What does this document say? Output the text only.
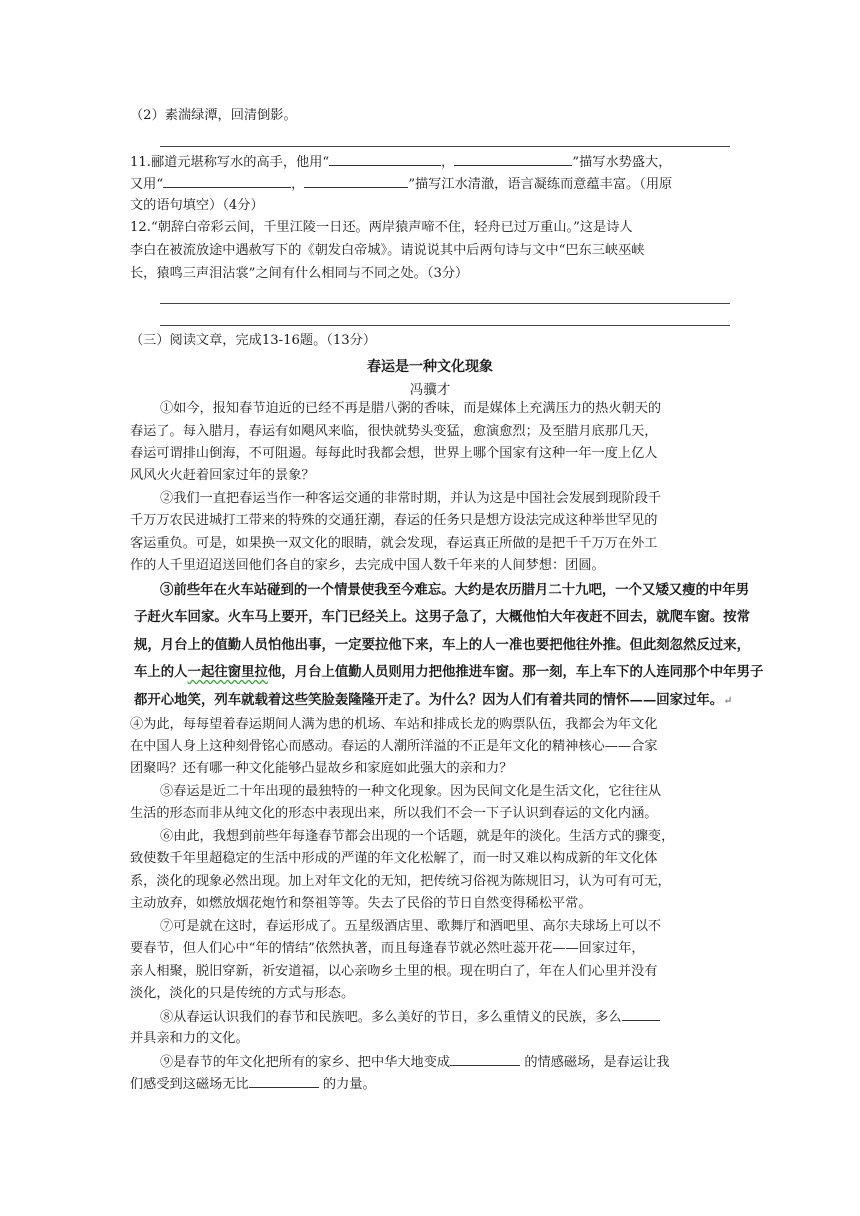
（2）素湍绿潭，回清倒影。
11.郦道元堪称写水的高手，他用“	，	”描写水势盛大，
又用“	，	”描写江水清澈，语言凝练而意蕴丰富。（用原
文的语句填空）（4分）
12.“朝辞白帝彩云间，千里江陵一日还。两岸猿声啼不住，轻舟已过万重山。”这是诗人
李白在被流放途中遇赦写下的《朝发白帝城》。请说说其中后两句诗与文中“巴东三峡巫峡
长，猿鸣三声泪沾裳”之间有什么相同与不同之处。（3分）
（三）阅读文章，完成13-16题。（13分）
春运是一种文化现象
冯骥才
①如今，报知春节迫近的已经不再是腊八粥的香味，而是媒体上充满压力的热火朝天的
春运了。每入腊月，春运有如飓风来临，很快就势头变猛，愈演愈烈；及至腊月底那几天，
春运可谓排山倒海，不可阻遏。每每此时我都会想，世界上哪个国家有这种一年一度上亿人
风风火火赶着回家过年的景象？
②我们一直把春运当作一种客运交通的非常时期，并认为这是中国社会发展到现阶段千
千万万农民进城打工带来的特殊的交通狂潮，春运的任务只是想方设法完成这种举世罕见的
客运重负。可是，如果换一双文化的眼睛，就会发现，春运真正所做的是把千千万万在外工
作的人千里迢迢送回他们各自的家乡，去完成中国人数千年来的人间梦想：团圆。
③前些年在火车站碰到的一个情景使我至今难忘。大约是农历腊月二十九吧，一个又矮又瘦的中年男
子赶火车回家。火车马上要开，车门已经关上。这男子急了，大概他怕大年夜赶不回去，就爬车窗。按常
规，月台上的值勤人员怕他出事，一定要拉他下来，车上的人一准也要把他往外推。但此刻忽然反过来，
车上的人一起往窗里拉他，月台上值勤人员则用力把他推进车窗。那一刻，车上车下的人连同那个中年男子
都开心地笑，列车就载着这些笑脸轰隆隆开走了。为什么？因为人们有着共同的情怀——回家过年。↵
④为此，每每望着春运期间人满为患的机场、车站和排成长龙的购票队伍，我都会为年文化
在中国人身上这种刻骨铭心而感动。春运的人潮所洋溢的不正是年文化的精神核心——合家
团聚吗？还有哪一种文化能够凸显故乡和家庭如此强大的亲和力？
⑤春运是近二十年出现的最独特的一种文化现象。因为民间文化是生活文化，它往往从
生活的形态而非从纯文化的形态中表现出来，所以我们不会一下子认识到春运的文化内涵。
⑥由此，我想到前些年每逢春节都会出现的一个话题，就是年的淡化。生活方式的骤变，
致使数千年里超稳定的生活中形成的严谨的年文化松解了，而一时又难以构成新的年文化体
系，淡化的现象必然出现。加上对年文化的无知，把传统习俗视为陈规旧习，认为可有可无，
主动放弃，如燃放烟花炮竹和祭祖等等。失去了民俗的节日自然变得稀松平常。
⑦可是就在这时，春运形成了。五星级酒店里、歌舞厅和酒吧里、高尔夫球场上可以不
要春节，但人们心中“年的情结”依然执著，而且每逢春节就必然吐蕊开花——回家过年，
亲人相聚，脱旧穿新，祈安道福，以心亲吻乡土里的根。现在明白了，年在人们心里并没有
淡化，淡化的只是传统的方式与形态。
⑧从春运认识我们的春节和民族吧。多么美好的节日，多么重情义的民族，多么
并具亲和力的文化。
⑨是春节的年文化把所有的家乡、把中华大地变成	的情感磁场，是春运让我
们感受到这磁场无比	的力量。
